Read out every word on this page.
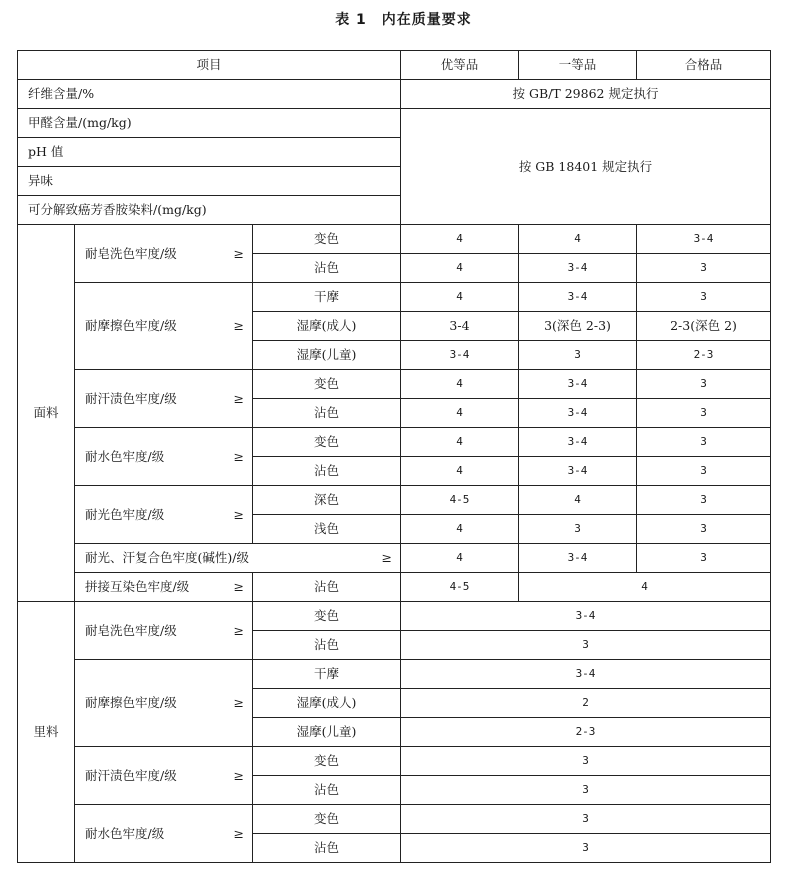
表 1　内在质量要求
项目			优等品	一等品	合格品
纤维含量/%			按 GB/T 29862 规定执行		
甲醛含量/(mg/kg)			按 GB 18401 规定执行		
pH 值					
异味					
可分解致癌芳香胺染料/(mg/kg)					
面料	耐皂洗色牢度/级 ≥	变色	4	4	3-4
		沾色	4	3-4	3
	耐摩擦色牢度/级 ≥	干摩	4	3-4	3
		湿摩(成人)	3-4	3(深色 2-3)	2-3(深色 2)
		湿摩(儿童)	3-4	3	2-3
	耐汗渍色牢度/级 ≥	变色	4	3-4	3
		沾色	4	3-4	3
	耐水色牢度/级 ≥	变色	4	3-4	3
		沾色	4	3-4	3
	耐光色牢度/级 ≥	深色	4-5	4	3
		浅色	4	3	3
	耐光、汗复合色牢度(碱性)/级 ≥		4	3-4	3
	拼接互染色牢度/级 ≥	沾色	4-5	4	
里料	耐皂洗色牢度/级 ≥	变色	3-4		
		沾色	3		
	耐摩擦色牢度/级 ≥	干摩	3-4		
		湿摩(成人)	2		
		湿摩(儿童)	2-3		
	耐汗渍色牢度/级 ≥	变色	3		
		沾色	3		
	耐水色牢度/级 ≥	变色	3		
		沾色	3		
